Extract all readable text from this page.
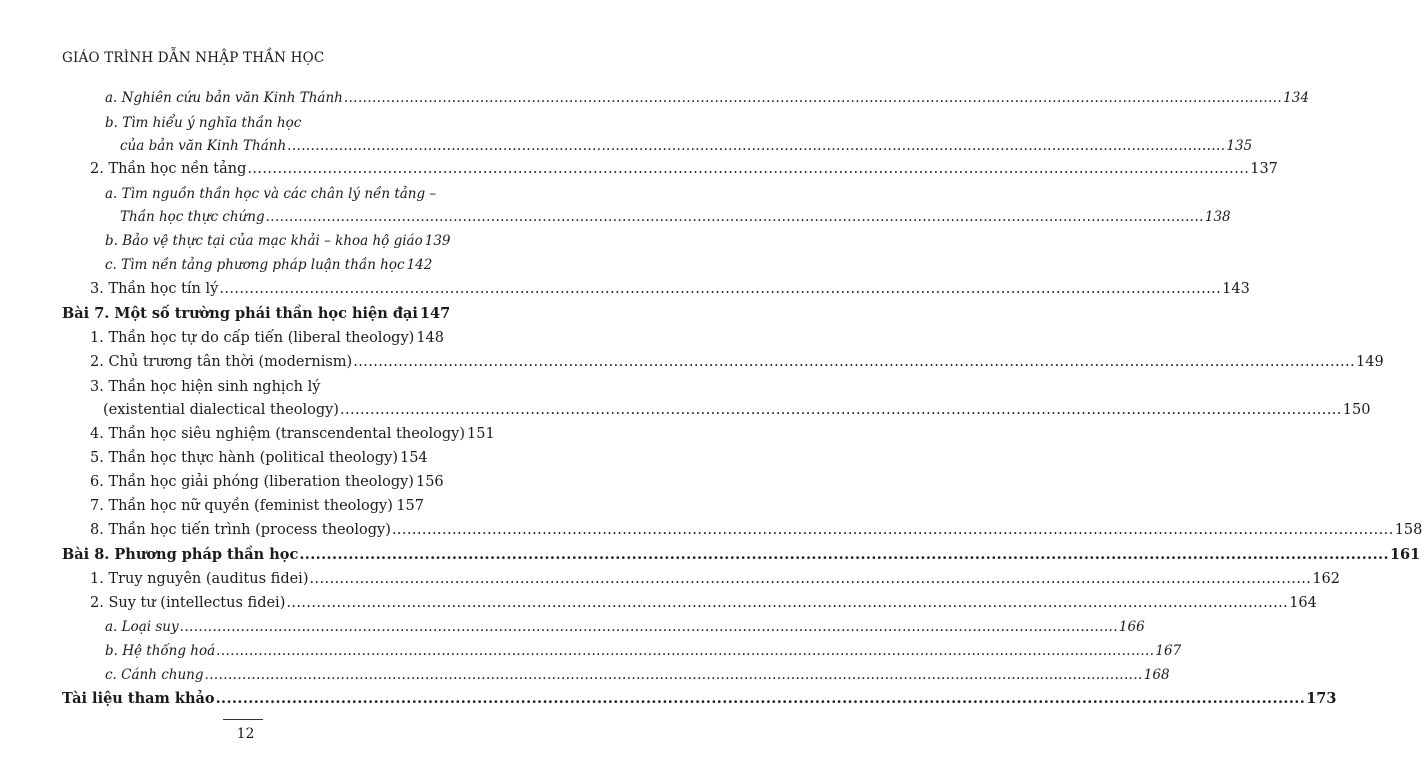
GIÁO TRÌNH DẪN NHẬP THẦN HỌC
a. Nghiên cứu bản văn Kinh Thánh .....	134
b. Tìm hiểu ý nghĩa thần học
của bản văn Kinh Thánh .....	135
2. Thần học nền tảng .....	137
a. Tìm nguồn thần học và các chân lý nền tảng –
Thần học thực chứng .....	138
b. Bảo vệ thực tại của mạc khải – khoa hộ giáo 139
c. Tìm nền tảng phương pháp luận thần học 142
3. Thần học tín lý .....	143
Bài 7. Một số trường phái thần học hiện đại 147
1. Thần học tự do cấp tiến (liberal theology) 148
2. Chủ trương tân thời (modernism) .....	149
3. Thần học hiện sinh nghịch lý
(existential dialectical theology) .....	150
4. Thần học siêu nghiệm (transcendental theology) 151
5. Thần học thực hành (political theology) 154
6. Thần học giải phóng (liberation theology) 156
7. Thần học nữ quyền (feminist theology) ..... 157
8. Thần học tiến trình (process theology) .....	158
Bài 8. Phương pháp thần học .....	161
1. Truy nguyên (auditus fidei) .....	162
2. Suy tư (intellectus fidei) .....	164
a. Loại suy .....	166
b. Hệ thống hoá .....	167
c. Cánh chung .....	168
Tài liệu tham khảo .....	173
12
